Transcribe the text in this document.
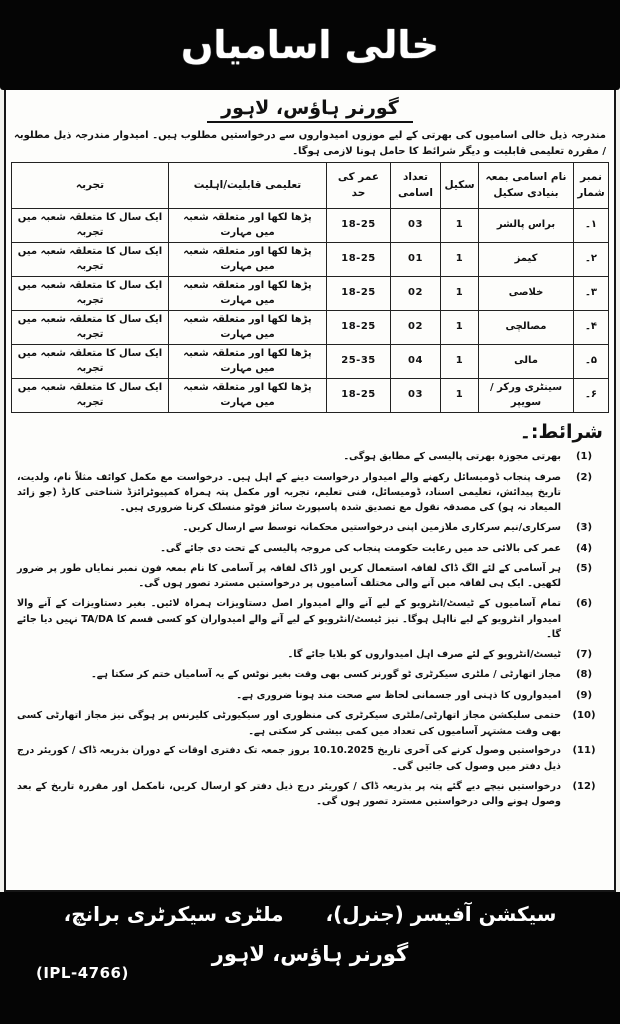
خالی اسامیاں
گورنر ہاؤس، لاہور
مندرجہ ذیل خالی اسامیوں کی بھرتی کے لیے موزوں امیدواروں سے درخواستیں مطلوب ہیں۔ امیدوار مندرجہ ذیل مطلوبہ / مقررہ تعلیمی قابلیت و دیگر شرائط کا حامل ہونا لازمی ہوگا۔
نمبر شمار	نام اسامی بمعہ بنیادی سکیل	سکیل	تعداد اسامی	عمر کی حد	تعلیمی قابلیت/اہلیت	تجربہ
۱۔	براس پالشر	1	03	18-25	پڑھا لکھا اور متعلقہ شعبہ میں مہارت	ایک سال کا متعلقہ شعبہ میں تجربہ
۲۔	کیمز	1	01	18-25	پڑھا لکھا اور متعلقہ شعبہ میں مہارت	ایک سال کا متعلقہ شعبہ میں تجربہ
۳۔	خلاصی	1	02	18-25	پڑھا لکھا اور متعلقہ شعبہ میں مہارت	ایک سال کا متعلقہ شعبہ میں تجربہ
۴۔	مصالچی	1	02	18-25	پڑھا لکھا اور متعلقہ شعبہ میں مہارت	ایک سال کا متعلقہ شعبہ میں تجربہ
۵۔	مالی	1	04	25-35	پڑھا لکھا اور متعلقہ شعبہ میں مہارت	ایک سال کا متعلقہ شعبہ میں تجربہ
۶۔	سینٹری ورکر / سویپر	1	03	18-25	پڑھا لکھا اور متعلقہ شعبہ میں مہارت	ایک سال کا متعلقہ شعبہ میں تجربہ
شرائط:۔
(1)
بھرتی مجوزہ بھرتی پالیسی کے مطابق ہوگی۔
(2)
صرف پنجاب ڈومیسائل رکھنے والے امیدوار درخواست دینے کے اہل ہیں۔ درخواست مع مکمل کوائف مثلاً نام، ولدیت، تاریخ پیدائش، تعلیمی اسناد، ڈومیسائل، فنی تعلیم، تجربہ اور مکمل پتہ ہمراہ کمپیوٹرائزڈ شناختی کارڈ (جو زائد المیعاد نہ ہو) کی مصدقہ نقول مع تصدیق شدہ پاسپورٹ سائز فوٹو منسلک کرنا ضروری ہیں۔
(3)
سرکاری/نیم سرکاری ملازمین اپنی درخواستیں محکمانہ توسط سے ارسال کریں۔
(4)
عمر کی بالائی حد میں رعایت حکومت پنجاب کی مروجہ پالیسی کے تحت دی جائے گی۔
(5)
ہر آسامی کے لئے الگ ڈاک لفافہ استعمال کریں اور ڈاک لفافہ پر آسامی کا نام بمعہ فون نمبر نمایاں طور پر ضرور لکھیں۔ ایک ہی لفافہ میں آنے والی مختلف آسامیوں پر درخواستیں مسترد تصور ہوں گی۔
(6)
تمام آسامیوں کے ٹیسٹ/انٹرویو کے لیے آنے والے امیدوار اصل دستاویزات ہمراہ لائیں۔ بغیر دستاویزات کے آنے والا امیدوار انٹرویو کے لیے نااہل ہوگا۔ نیز ٹیسٹ/انٹرویو کے لیے آنے والے امیدواران کو کسی قسم کا TA/DA نہیں دیا جائے گا۔
(7)
ٹیسٹ/انٹرویو کے لئے صرف اہل امیدواروں کو بلایا جائے گا۔
(8)
مجاز اتھارٹی / ملٹری سیکرٹری ٹو گورنر کسی بھی وقت بغیر نوٹس کے یہ آسامیاں ختم کر سکتا ہے۔
(9)
امیدواروں کا ذہنی اور جسمانی لحاظ سے صحت مند ہونا ضروری ہے۔
(10)
حتمی سلیکشن مجاز اتھارٹی/ملٹری سیکرٹری کی منظوری اور سیکیورٹی کلیرنس پر ہوگی نیز مجاز اتھارٹی کسی بھی وقت مشتہر آسامیوں کی تعداد میں کمی بیشی کر سکتی ہے۔
(11)
درخواستیں وصول کرنے کی آخری تاریخ 10.10.2025 بروز جمعہ تک دفتری اوقات کے دوران بذریعہ ڈاک / کوریئر درج ذیل دفتر میں وصول کی جائیں گی۔
(12)
درخواستیں نیچے دیے گئے پتہ پر بذریعہ ڈاک / کوریئر درج ذیل دفتر کو ارسال کریں، نامکمل اور مقررہ تاریخ کے بعد وصول ہونے والی درخواستیں مسترد تصور ہوں گی۔
سیکشن آفیسر (جنرل)،
ملٹری سیکرٹری برانچ،
گورنر ہاؤس، لاہور
(IPL-4766)
